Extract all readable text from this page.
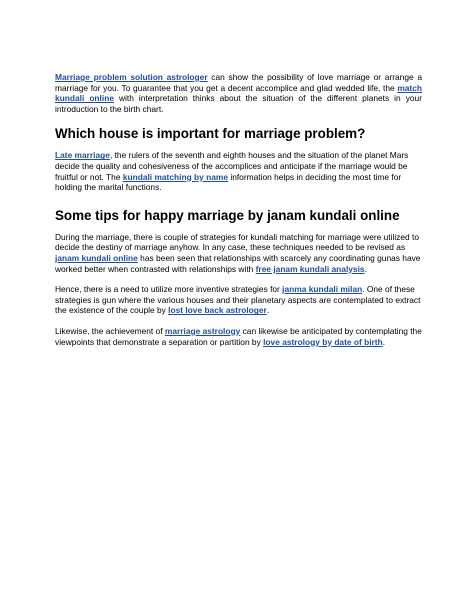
Marriage problem solution astrologer can show the possibility of love marriage or arrange a marriage for you. To guarantee that you get a decent accomplice and glad wedded life, the match kundali online with interpretation thinks about the situation of the different planets in your introduction to the birth chart.

Which house is important for marriage problem?

Late marriage, the rulers of the seventh and eighth houses and the situation of the planet Mars decide the quality and cohesiveness of the accomplices and anticipate if the marriage would be fruitful or not. The kundali matching by name information helps in deciding the most time for holding the marital functions.

Some tips for happy marriage by janam kundali online

During the marriage, there is couple of strategies for kundali matching for marriage were utilized to decide the destiny of marriage anyhow. In any case, these techniques needed to be revised as janam kundali online has been seen that relationships with scarcely any coordinating gunas have worked better when contrasted with relationships with free janam kundali analysis.

Hence, there is a need to utilize more inventive strategies for janma kundali milan. One of these strategies is gun where the various houses and their planetary aspects are contemplated to extract the existence of the couple by lost love back astrologer.

Likewise, the achievement of marriage astrology can likewise be anticipated by contemplating the viewpoints that demonstrate a separation or partition by love astrology by date of birth.
